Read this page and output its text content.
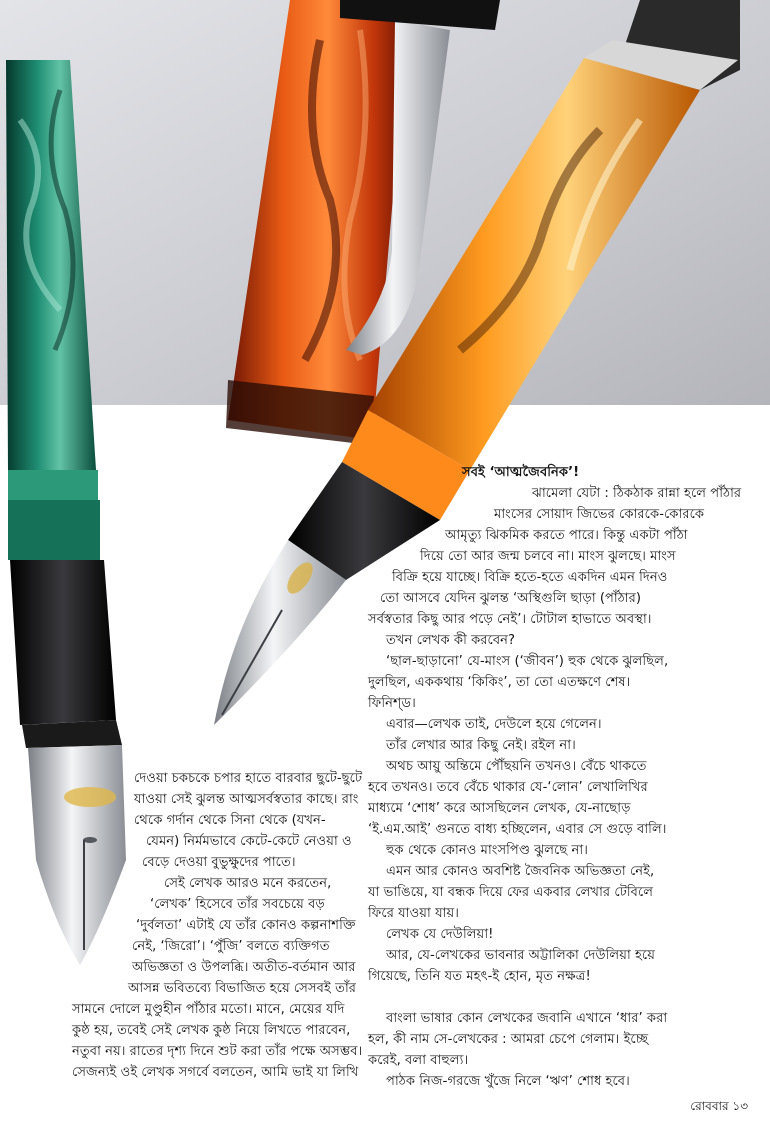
সবই ‘আত্মজৈবনিক’!

ঝামেলা যেটা : ঠিকঠাক রান্না হলে পাঁঠার

মাংসের সোয়াদ জিভের কোরকে-কোরকে

আমৃত্যু ঝিকমিক করতে পারে। কিন্তু একটা পাঁঠা

দিয়ে তো আর জন্ম চলবে না। মাংস ঝুলছে। মাংস

বিক্রি হয়ে যাচ্ছে। বিক্রি হতে-হতে একদিন এমন দিনও

তো আসবে যেদিন ঝুলন্ত ‘অস্থিগুলি ছাড়া (পাঁঠার)

সর্বস্বতার কিছু আর পড়ে নেই’। টোটাল হাভাতে অবস্থা।

তখন লেখক কী করবেন?

‘ছাল-ছাড়ানো’ যে-মাংস (‘জীবন’) হুক থেকে ঝুলছিল,

দুলছিল, এককথায় ‘কিকিং’, তা তো এতক্ষণে শেষ।

ফিনিশ্‌ড।

এবার—লেখক তাই, দেউলে হয়ে গেলেন।

তাঁর লেখার আর কিছু নেই। রইল না।

অথচ আয়ু অন্তিমে পৌঁছয়নি তখনও। বেঁচে থাকতে

হবে তখনও। তবে বেঁচে থাকার যে-‘লোন’ লেখালিখির

মাধ্যমে ‘শোধ’ করে আসছিলেন লেখক, যে-নাছোড়

‘ই.এম.আই’ গুনতে বাধ্য হচ্ছিলেন, এবার সে গুড়ে বালি।

হুক থেকে কোনও মাংসপিণ্ড ঝুলছে না।

এমন আর কোনও অবশিষ্ট জৈবনিক অভিজ্ঞতা নেই,

যা ভাঙিয়ে, যা বন্ধক দিয়ে ফের একবার লেখার টেবিলে

ফিরে যাওয়া যায়।

লেখক যে দেউলিয়া!

আর, যে-লেখকের ভাবনার অট্টালিকা দেউলিয়া হয়ে

গিয়েছে, তিনি যত মহৎ-ই হোন, মৃত নক্ষত্র!

বাংলা ভাষার কোন লেখকের জবানি এখানে ‘ধার’ করা

হল, কী নাম সে-লেখকের : আমরা চেপে গেলাম। ইচ্ছে

করেই, বলা বাহুল্য।

পাঠক নিজ-গরজে খুঁজে নিলে ‘ঋণ’ শোধ হবে।

দেওয়া চকচকে চপার হাতে বারবার ছুটে-ছুটে

যাওয়া সেই ঝুলন্ত আত্মসর্বস্বতার কাছে। রাং

থেকে গর্দান থেকে সিনা থেকে (যখন-

যেমন) নির্মমভাবে কেটে-কেটে নেওয়া ও

বেড়ে দেওয়া বুভুক্ষুদের পাতে।

সেই লেখক আরও মনে করতেন,

‘লেখক’ হিসেবে তাঁর সবচেয়ে বড়

‘দুর্বলতা’ এটাই যে তাঁর কোনও কল্পনাশক্তি

নেই, ‘জিরো’। ‘পুঁজি’ বলতে ব্যক্তিগত

অভিজ্ঞতা ও উপলব্ধি। অতীত-বর্তমান আর

আসন্ন ভবিতব্যে বিভাজিত হয়ে সেসবই তাঁর

সামনে দোলে মুণ্ডুহীন পাঁঠার মতো। মানে, মেয়ের যদি

কুষ্ঠ হয়, তবেই সেই লেখক কুষ্ঠ নিয়ে লিখতে পারবেন,

নতুবা নয়। রাতের দৃশ্য দিনে শুট করা তাঁর পক্ষে অসম্ভব।

সেজন্যই ওই লেখক সগর্বে বলতেন, আমি ভাই যা লিখি

রোববার ১৩
